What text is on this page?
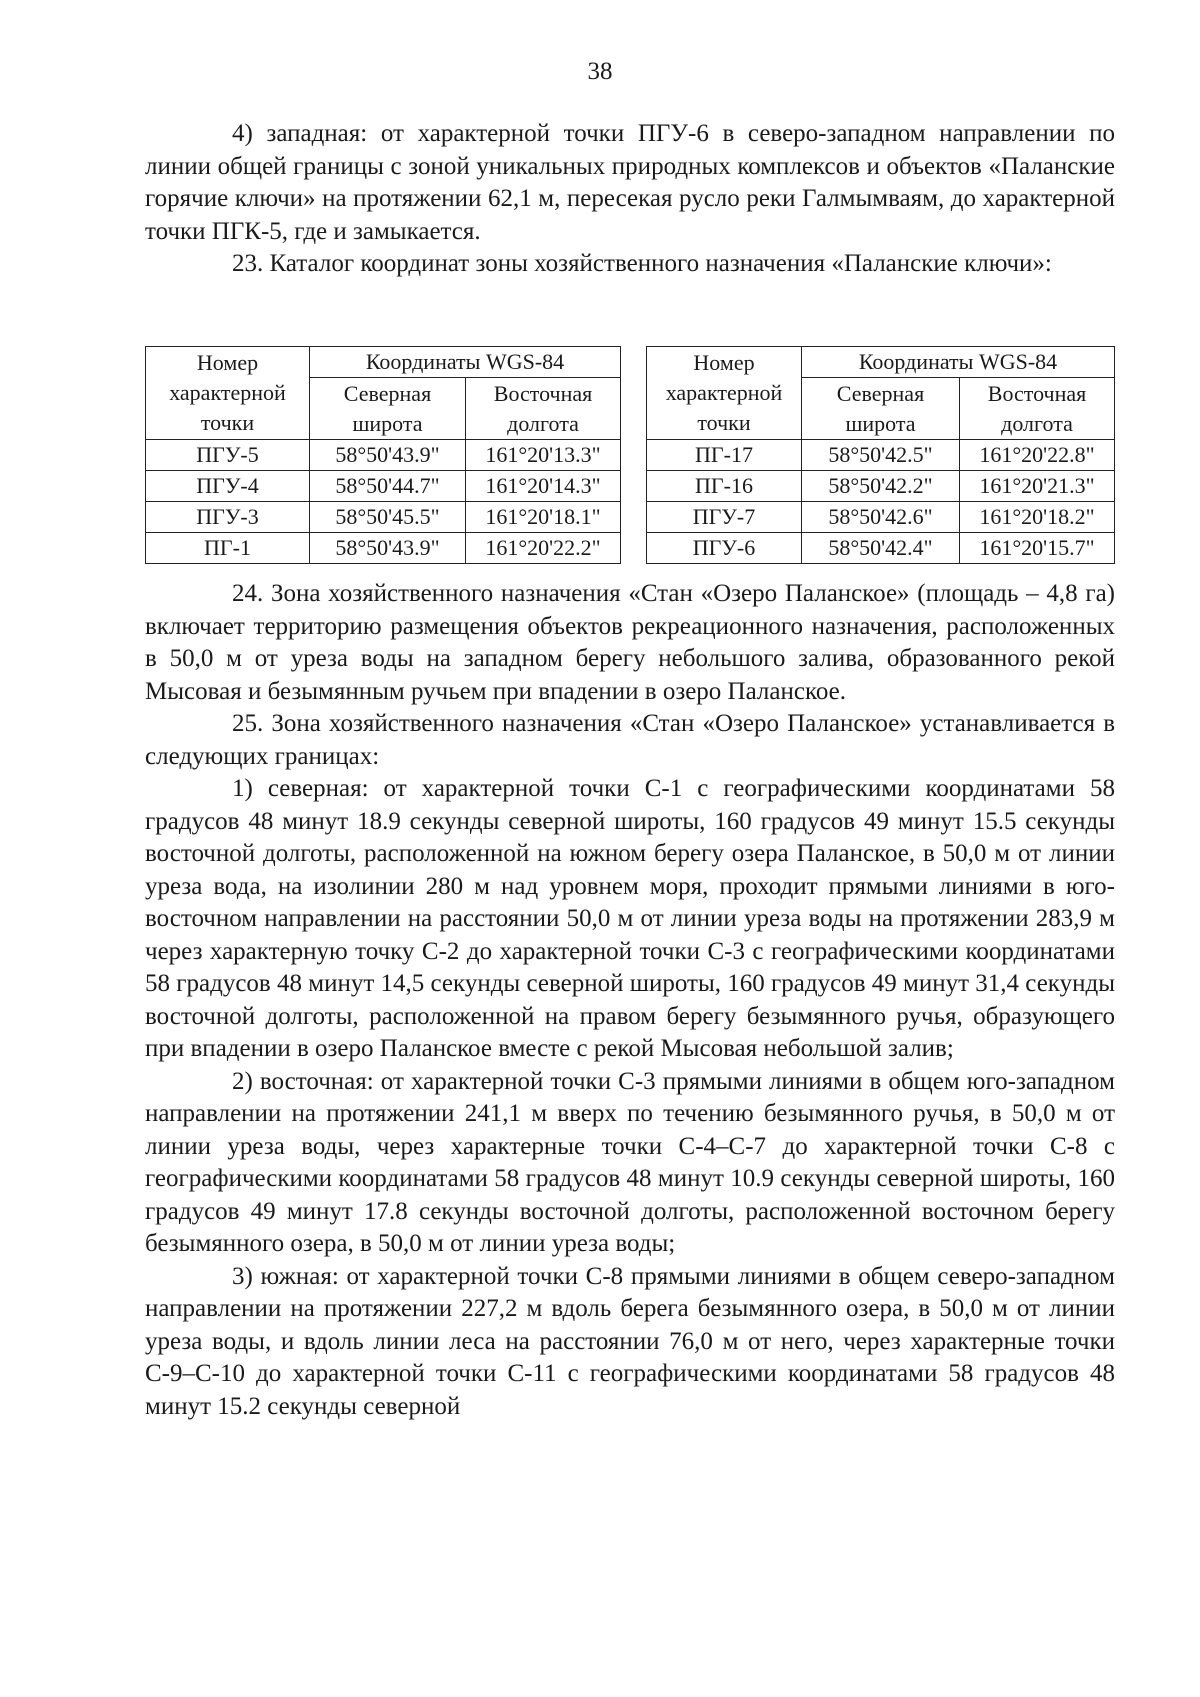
38

4) западная: от характерной точки ПГУ-6 в северо-западном направлении по линии общей границы с зоной уникальных природных комплексов и объектов «Паланские горячие ключи» на протяжении 62,1 м, пересекая русло реки Галмымваям, до характерной точки ПГК-5, где и замыкается.

23. Каталог координат зоны хозяйственного назначения «Паланские ключи»:

Номер
характерной
точки	Координаты WGS-84	

	Северная
широта	Восточная
долгота

ПГУ-5	58°50'43.9"	161°20'13.3"
ПГУ-4	58°50'44.7"	161°20'14.3"
ПГУ-3	58°50'45.5"	161°20'18.1"
ПГ-1	58°50'43.9"	161°20'22.2"
Номер
характерной
точки	Координаты WGS-84	

	Северная
широта	Восточная
долгота

ПГ-17	58°50'42.5"	161°20'22.8"
ПГ-16	58°50'42.2"	161°20'21.3"
ПГУ-7	58°50'42.6"	161°20'18.2"
ПГУ-6	58°50'42.4"	161°20'15.7"

24. Зона хозяйственного назначения «Стан «Озеро Паланское» (площадь – 4,8 га) включает территорию размещения объектов рекреационного назначения, расположенных в 50,0 м от уреза воды на западном берегу небольшого залива, образованного рекой Мысовая и безымянным ручьем при впадении в озеро Паланское.

25. Зона хозяйственного назначения «Стан «Озеро Паланское» устанавливается в следующих границах:

1) северная: от характерной точки С-1 с географическими координатами 58 градусов 48 минут 18.9 секунды северной широты, 160 градусов 49 минут 15.5 секунды восточной долготы, расположенной на южном берегу озера Паланское, в 50,0 м от линии уреза вода, на изолинии 280 м над уровнем моря, проходит прямыми линиями в юго-восточном направлении на расстоянии 50,0 м от линии уреза воды на протяжении 283,9 м через характерную точку С-2 до характерной точки С-3 с географическими координатами 58 градусов 48 минут 14,5 секунды северной широты, 160 градусов 49 минут 31,4 секунды восточной долготы, расположенной на правом берегу безымянного ручья, образующего при впадении в озеро Паланское вместе с рекой Мысовая небольшой залив;

2) восточная: от характерной точки С-3 прямыми линиями в общем юго-западном направлении на протяжении 241,1 м вверх по течению безымянного ручья, в 50,0 м от линии уреза воды, через характерные точки С-4–С-7 до характерной точки С-8 с географическими координатами 58 градусов 48 минут 10.9 секунды северной широты, 160 градусов 49 минут 17.8 секунды восточной долготы, расположенной восточном берегу безымянного озера, в 50,0 м от линии уреза воды;

3) южная: от характерной точки С-8 прямыми линиями в общем северо-западном направлении на протяжении 227,2 м вдоль берега безымянного озера, в 50,0 м от линии уреза воды, и вдоль линии леса на расстоянии 76,0 м от него, через характерные точки С-9–С-10 до характерной точки С-11 с географическими координатами 58 градусов 48 минут 15.2 секунды северной
